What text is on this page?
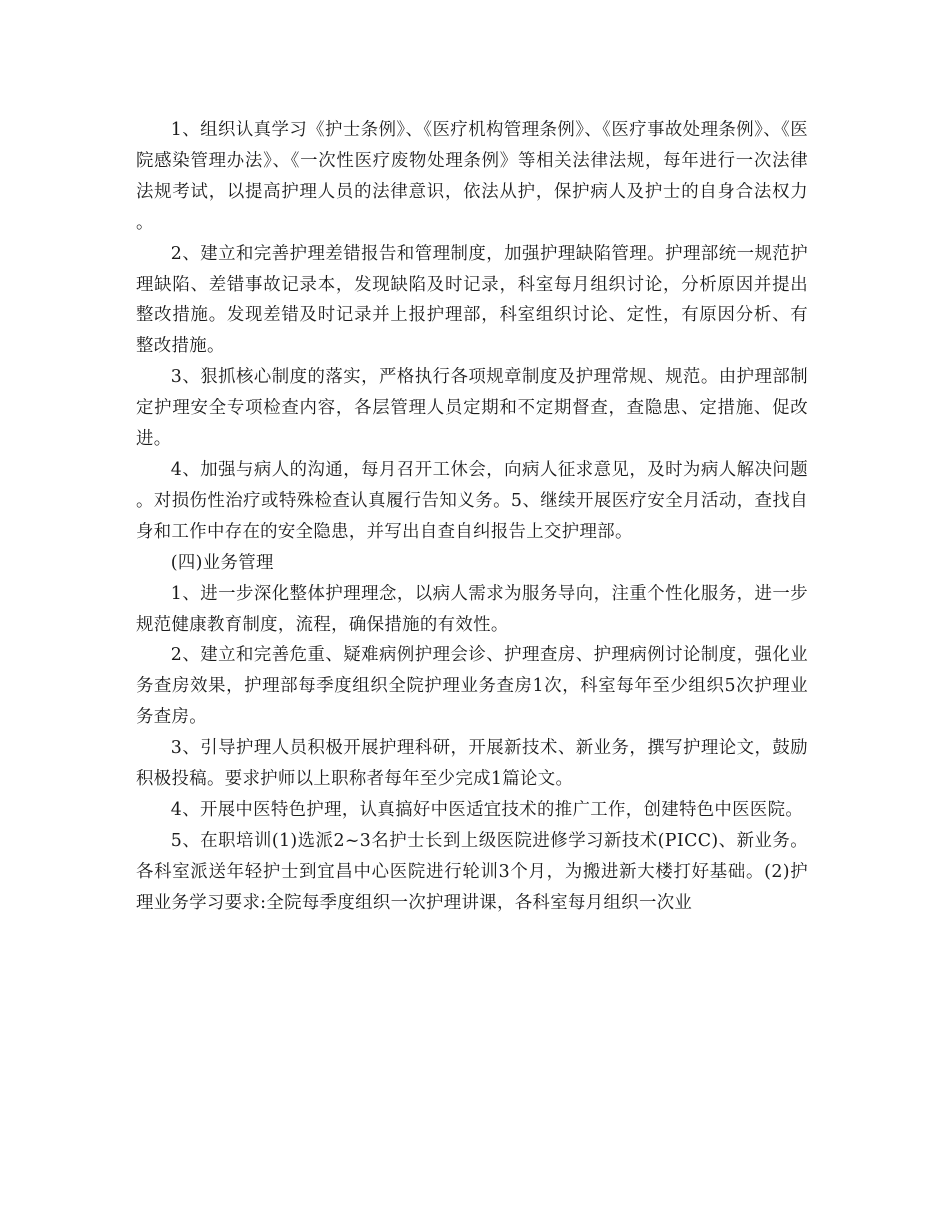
1、组织认真学习《护士条例》、《医疗机构管理条例》、《医疗事故处理条例》、《医院感染管理办法》、《一次性医疗废物处理条例》等相关法律法规，每年进行一次法律法规考试，以提高护理人员的法律意识，依法从护，保护病人及护士的自身合法权力。

2、建立和完善护理差错报告和管理制度，加强护理缺陷管理。护理部统一规范护理缺陷、差错事故记录本，发现缺陷及时记录，科室每月组织讨论，分析原因并提出整改措施。发现差错及时记录并上报护理部，科室组织讨论、定性，有原因分析、有整改措施。

3、狠抓核心制度的落实，严格执行各项规章制度及护理常规、规范。由护理部制定护理安全专项检查内容，各层管理人员定期和不定期督查，查隐患、定措施、促改进。

4、加强与病人的沟通，每月召开工休会，向病人征求意见，及时为病人解决问题。对损伤性治疗或特殊检查认真履行告知义务。5、继续开展医疗安全月活动，查找自身和工作中存在的安全隐患，并写出自查自纠报告上交护理部。

(四)业务管理

1、进一步深化整体护理理念，以病人需求为服务导向，注重个性化服务，进一步规范健康教育制度，流程，确保措施的有效性。

2、建立和完善危重、疑难病例护理会诊、护理查房、护理病例讨论制度，强化业务查房效果，护理部每季度组织全院护理业务查房1次，科室每年至少组织5次护理业务查房。

3、引导护理人员积极开展护理科研，开展新技术、新业务，撰写护理论文，鼓励积极投稿。要求护师以上职称者每年至少完成1篇论文。

4、开展中医特色护理，认真搞好中医适宜技术的推广工作，创建特色中医医院。

5、在职培训(1)选派2~3名护士长到上级医院进修学习新技术(PICC)、新业务。各科室派送年轻护士到宜昌中心医院进行轮训3个月，为搬进新大楼打好基础。(2)护理业务学习要求:全院每季度组织一次护理讲课，各科室每月组织一次业
